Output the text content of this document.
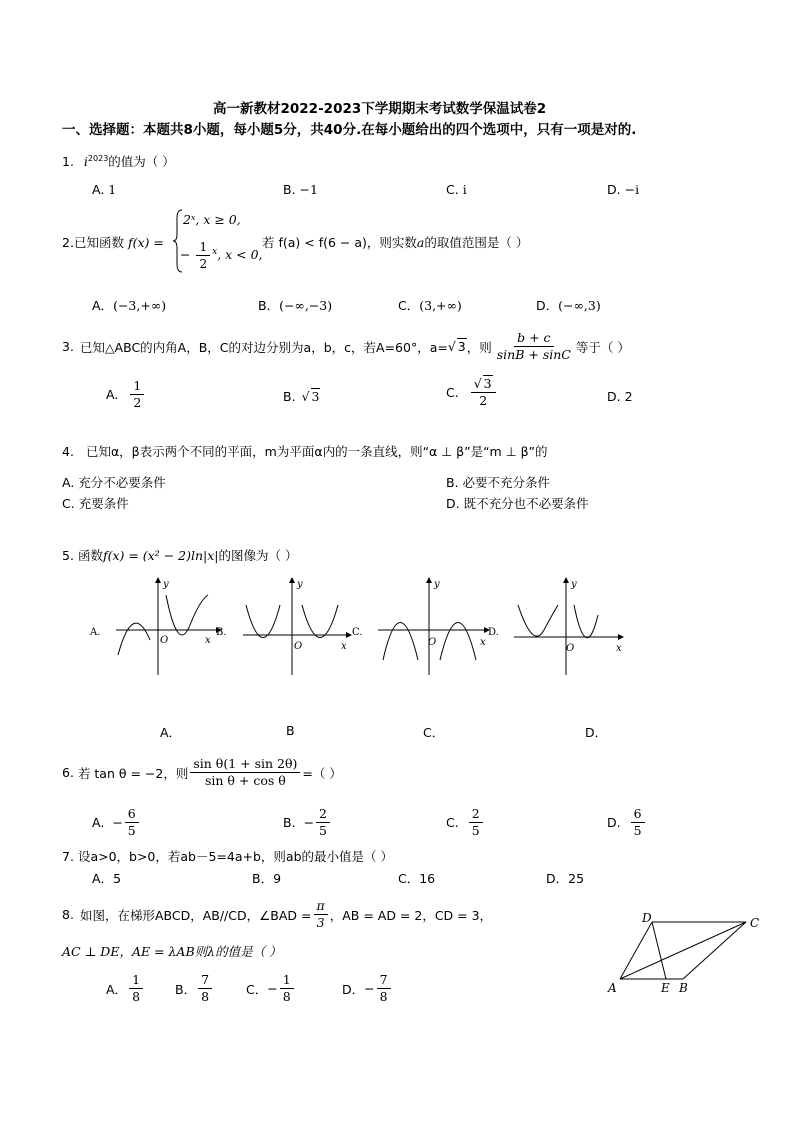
高一新教材2022-2023下学期期末考试数学保温试卷2
一、选择题：本题共8小题，每小题5分，共40分.在每小题给出的四个选项中，只有一项是对的.
1. $i^{2023}$的值为（ ）
A. 1	B. −1	C. i	D. −i
2.已知函数 f(x) =
2ˣ, x ≥ 0,
− $\frac{1}{2} ^x$, x < 0,
若 f(a) < f(6 − a)，则实数a的取值范围是（ ）
A．(−3,+∞)	B．(−∞,−3)	C．(3,+∞)	D．(−∞,3)
3. 已知△ABC的内角A，B，C的对边分别为a，b，c，若A=60°，a= √ 3 ，则 $\frac{b + c}{\sin B + \sin C}$ 等于（ ）
A. $\frac{1}{2}$	B. √ 3	C. $\frac{√ 3}{2}$	D. 2
4. 已知α，β表示两个不同的平面，m为平面α内的一条直线，则“α ⊥ β”是“m ⊥ β”的
A. 充分不必要条件	B. 必要不充分条件
C. 充要条件	D. 既不充分也不必要条件
5. 函数f(x) = (x² − 2)ln|x|的图像为（ ）
A.
y
O	x
B.
y
O	x
C.
y
O	x
D.
y
O	x
A．	B	C．	D．
6. 若 tan θ = −2，则 $\frac{\text{sin θ(1 + sin 2θ)}}{\text{sin θ + cos θ}}$ =（ ）
A. − $\frac{6}{5}$	B. − $\frac{2}{5}$	C. $\frac{2}{5}$	D. $\frac{6}{5}$
7. 设a>0，b>0，若ab－5=4a+b，则ab的最小值是（ ）
A．5	B．9	C．16	D．25
8. 如图，在梯形ABCD，AB//CD，∠BAD = $\frac{\pi}{3}$ ，AB = AD = 2，CD = 3，
AC ⊥ DE，AE = λAB则λ的值是（ ）
A． $\frac{1}{8}$	B． $\frac{7}{8}$	C． − $\frac{1}{8}$	D． − $\frac{7}{8}$	A	B
E
D	C
